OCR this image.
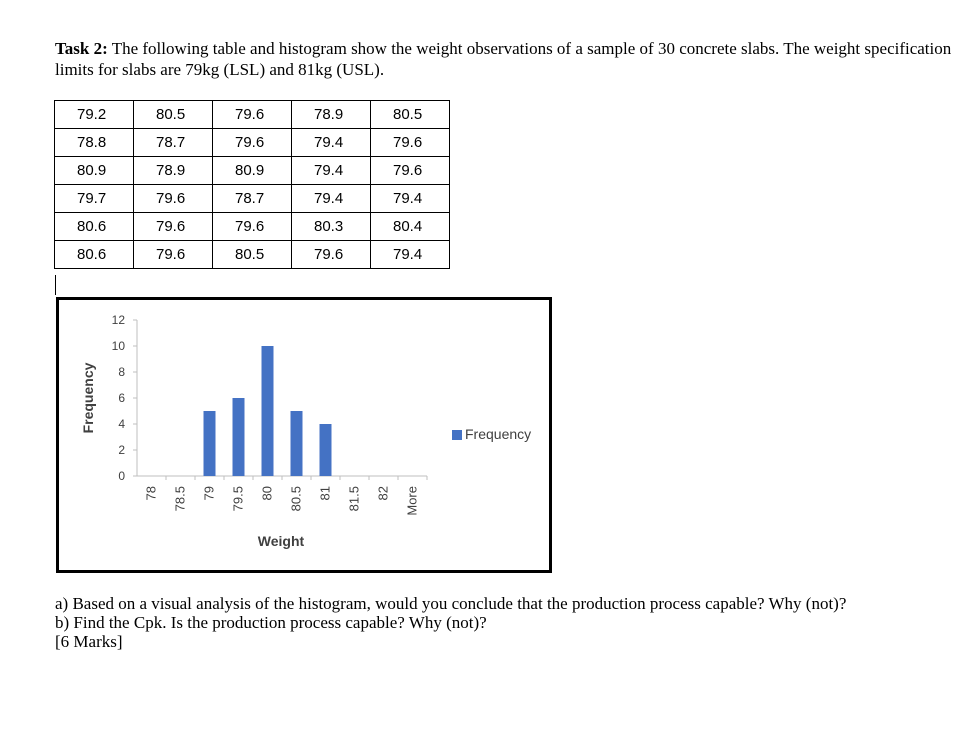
Task 2: The following table and histogram show the weight observations of a sample of 30 concrete slabs. The weight specification limits for slabs are 79kg (LSL) and 81kg (USL).
79.2	80.5	79.6	78.9	80.5
78.8	78.7	79.6	79.4	79.6
80.9	78.9	80.9	79.4	79.6
79.7	79.6	78.7	79.4	79.4
80.6	79.6	79.6	80.3	80.4
80.6	79.6	80.5	79.6	79.4
0
2
4
6
8
10
12
78 78.5 79 79.5 80 80.5 81 81.5 82 More
Weight
Frequency
Frequency
a) Based on a visual analysis of the histogram, would you conclude that the production process capable? Why (not)?
b) Find the Cpk. Is the production process capable? Why (not)?
[6 Marks]
